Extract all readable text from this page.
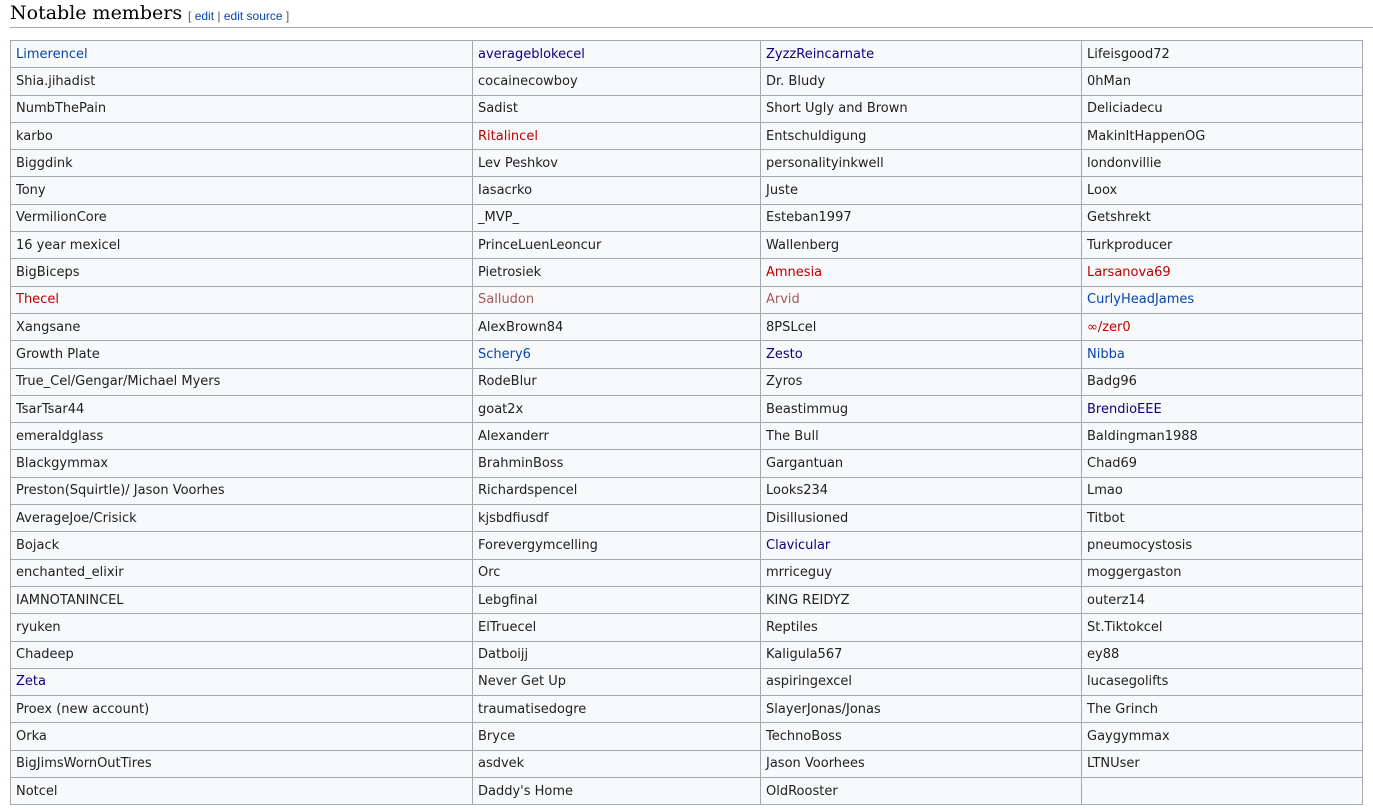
Notable members [ edit | edit source ]
Limerencel	averageblokecel	ZyzzReincarnate	Lifeisgood72
Shia.jihadist	cocainecowboy	Dr. Bludy	0hMan
NumbThePain	Sadist	Short Ugly and Brown	Deliciadecu
karbo	Ritalincel	Entschuldigung	MakinItHappenOG
Biggdink	Lev Peshkov	personalityinkwell	londonvillie
Tony	Iasacrko	Juste	Loox
VermilionCore	_MVP_	Esteban1997	Getshrekt
16 year mexicel	PrinceLuenLeoncur	Wallenberg	Turkproducer
BigBiceps	Pietrosiek	Amnesia	Larsanova69
Thecel	Salludon	Arvid	CurlyHeadJames
Xangsane	AlexBrown84	8PSLcel	∞/zer0
Growth Plate	Schery6	Zesto	Nibba
True_Cel/Gengar/Michael Myers	RodeBlur	Zyros	Badg96
TsarTsar44	goat2x	Beastimmug	BrendioEEE
emeraldglass	Alexanderr	The Bull	Baldingman1988
Blackgymmax	BrahminBoss	Gargantuan	Chad69
Preston(Squirtle)/ Jason Voorhes	Richardspencel	Looks234	Lmao
AverageJoe/Crisick	kjsbdfiusdf	Disillusioned	Titbot
Bojack	Forevergymcelling	Clavicular	pneumocystosis
enchanted_elixir	Orc	mrriceguy	moggergaston
IAMNOTANINCEL	Lebgfinal	KING REIDYZ	outerz14
ryuken	ElTruecel	Reptiles	St.Tiktokcel
Chadeep	Datboijj	Kaligula567	ey88
Zeta	Never Get Up	aspiringexcel	lucasegolifts
Proex (new account)	traumatisedogre	SlayerJonas/Jonas	The Grinch
Orka	Bryce	TechnoBoss	Gaygymmax
BigJimsWornOutTires	asdvek	Jason Voorhees	LTNUser
Notcel	Daddy's Home	OldRooster	
